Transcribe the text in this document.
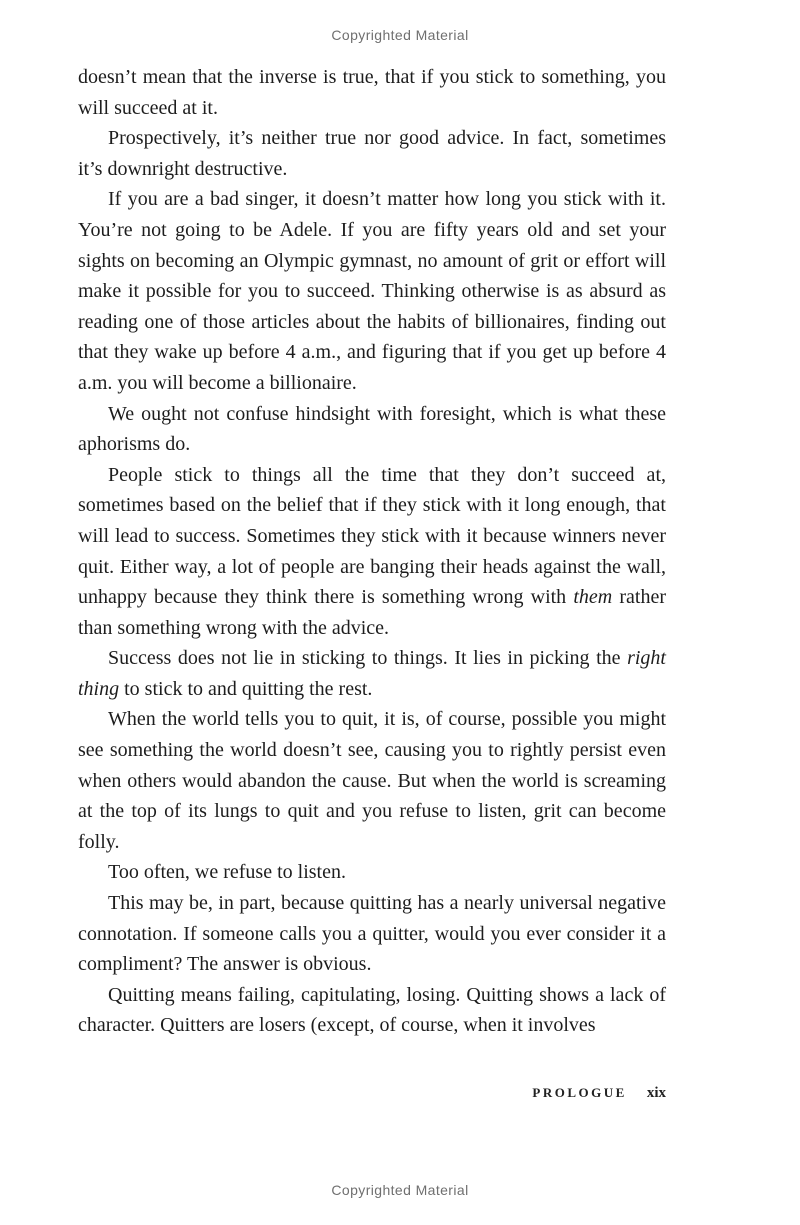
Copyrighted Material

doesn’t mean that the inverse is true, that if you stick to something, you will succeed at it.

Prospectively, it’s neither true nor good advice. In fact, sometimes it’s downright destructive.

If you are a bad singer, it doesn’t matter how long you stick with it. You’re not going to be Adele. If you are fifty years old and set your sights on becoming an Olympic gymnast, no amount of grit or effort will make it possible for you to succeed. Thinking otherwise is as absurd as reading one of those articles about the habits of billionaires, finding out that they wake up before 4 a.m., and figuring that if you get up before 4 a.m. you will become a billionaire.

We ought not confuse hindsight with foresight, which is what these aphorisms do.

People stick to things all the time that they don’t succeed at, sometimes based on the belief that if they stick with it long enough, that will lead to success. Sometimes they stick with it because winners never quit. Either way, a lot of people are banging their heads against the wall, unhappy because they think there is something wrong with them rather than something wrong with the advice.

Success does not lie in sticking to things. It lies in picking the right thing to stick to and quitting the rest.

When the world tells you to quit, it is, of course, possible you might see something the world doesn’t see, causing you to rightly persist even when others would abandon the cause. But when the world is screaming at the top of its lungs to quit and you refuse to listen, grit can become folly.

Too often, we refuse to listen.

This may be, in part, because quitting has a nearly universal negative connotation. If someone calls you a quitter, would you ever consider it a compliment? The answer is obvious.

Quitting means failing, capitulating, losing. Quitting shows a lack of character. Quitters are losers (except, of course, when it involves

PROLOGUE xix
Copyrighted Material
